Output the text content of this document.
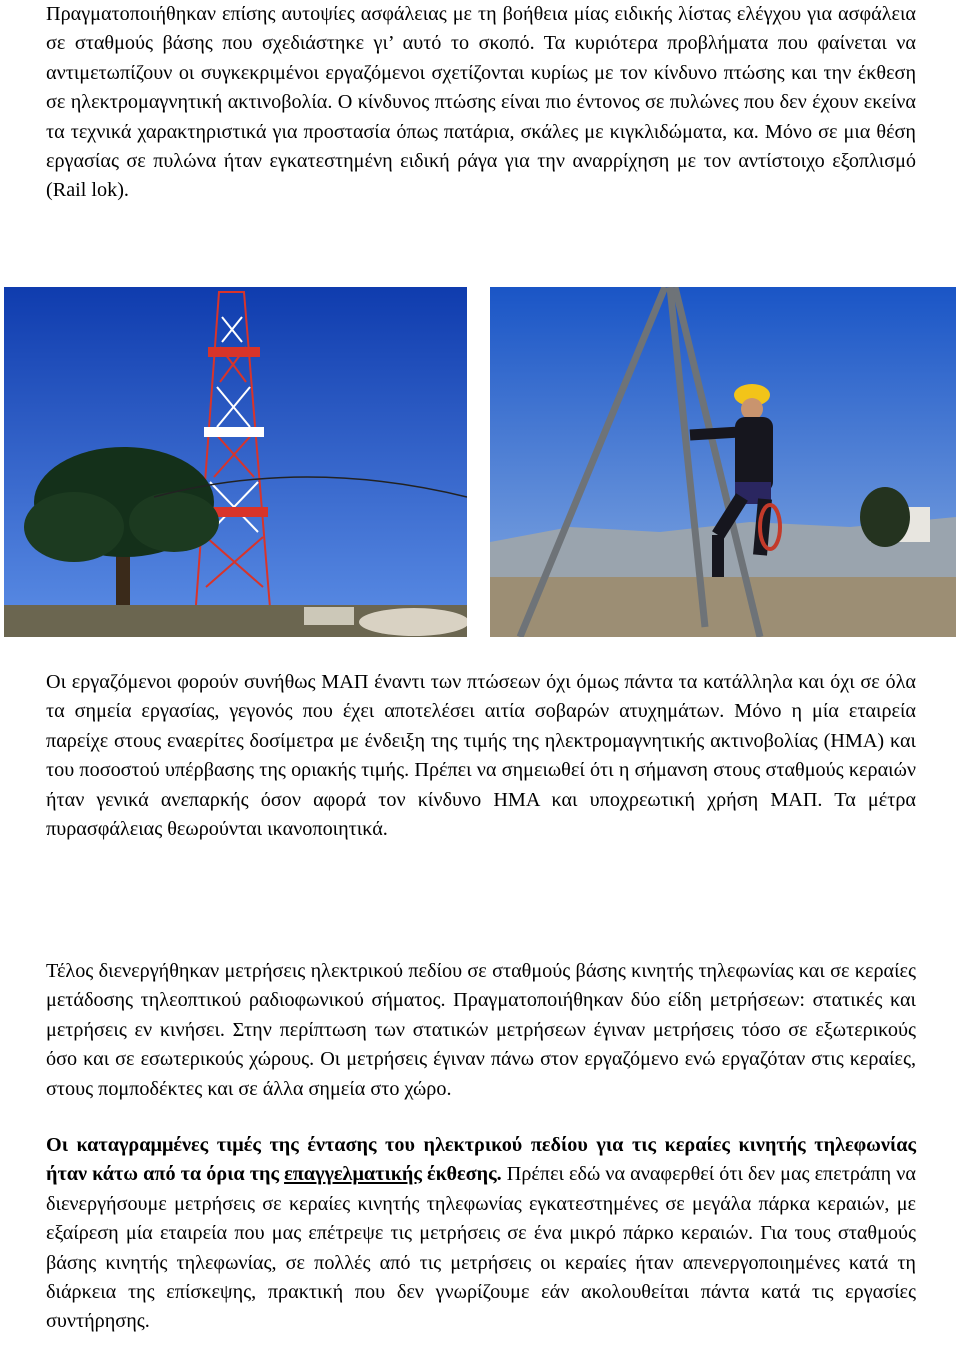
Πραγματοποιήθηκαν επίσης αυτοψίες ασφάλειας με τη βοήθεια μίας ειδικής λίστας ελέγχου για ασφάλεια σε σταθμούς βάσης που σχεδιάστηκε γι’ αυτό το σκοπό. Τα κυριότερα προβλήματα που φαίνεται να αντιμετωπίζουν οι συγκεκριμένοι εργαζόμενοι σχετίζονται κυρίως με τον κίνδυνο πτώσης και την έκθεση σε ηλεκτρομαγνητική ακτινοβολία. Ο κίνδυνος πτώσης είναι πιο έντονος σε πυλώνες που δεν έχουν εκείνα τα τεχνικά χαρακτηριστικά για προστασία όπως πατάρια, σκάλες με κιγκλιδώματα, κα. Μόνο σε μια θέση εργασίας σε πυλώνα ήταν εγκατεστημένη ειδική ράγα για την αναρρίχηση με τον αντίστοιχο εξοπλισμό (Rail lok).

Οι εργαζόμενοι φορούν συνήθως ΜΑΠ έναντι των πτώσεων όχι όμως πάντα τα κατάλληλα και όχι σε όλα τα σημεία εργασίας, γεγονός που έχει αποτελέσει αιτία σοβαρών ατυχημάτων. Μόνο η μία εταιρεία παρείχε στους εναερίτες δοσίμετρα με ένδειξη της τιμής της ηλεκτρομαγνητικής ακτινοβολίας (ΗΜΑ) και του ποσοστού υπέρβασης της οριακής τιμής. Πρέπει να σημειωθεί ότι η σήμανση στους σταθμούς κεραιών ήταν γενικά ανεπαρκής όσον αφορά τον κίνδυνο ΗΜΑ και υποχρεωτική χρήση ΜΑΠ. Τα μέτρα πυρασφάλειας θεωρούνται ικανοποιητικά.

Τέλος διενεργήθηκαν μετρήσεις ηλεκτρικού πεδίου σε σταθμούς βάσης κινητής τηλεφωνίας και σε κεραίες μετάδοσης τηλεοπτικού ραδιοφωνικού σήματος. Πραγματοποιήθηκαν δύο είδη μετρήσεων: στατικές και μετρήσεις εν κινήσει. Στην περίπτωση των στατικών μετρήσεων έγιναν μετρήσεις τόσο σε εξωτερικούς όσο και σε εσωτερικούς χώρους. Οι μετρήσεις έγιναν πάνω στον εργαζόμενο ενώ εργαζόταν στις κεραίες, στους πομποδέκτες και σε άλλα σημεία στο χώρο.

Οι καταγραμμένες τιμές της έντασης του ηλεκτρικού πεδίου για τις κεραίες κινητής τηλεφωνίας ήταν κάτω από τα όρια της επαγγελματικής έκθεσης. Πρέπει εδώ να αναφερθεί ότι δεν μας επετράπη να διενεργήσουμε μετρήσεις σε κεραίες κινητής τηλεφωνίας εγκατεστημένες σε μεγάλα πάρκα κεραιών, με εξαίρεση μία εταιρεία που μας επέτρεψε τις μετρήσεις σε ένα μικρό πάρκο κεραιών. Για τους σταθμούς βάσης κινητής τηλεφωνίας, σε πολλές από τις μετρήσεις οι κεραίες ήταν απενεργοποιημένες κατά τη διάρκεια της επίσκεψης, πρακτική που δεν γνωρίζουμε εάν ακολουθείται πάντα κατά τις εργασίες συντήρησης.
